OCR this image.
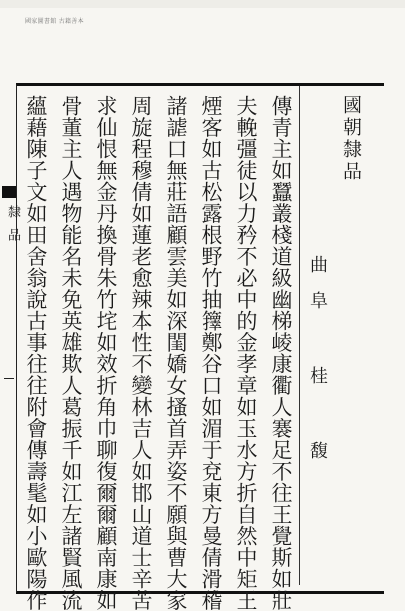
國家圖書館 古籍善本
國朝隸品
曲阜 桂 馥
傳青主如蠶叢棧道級幽梯崚康衢人褰足不往王覺斯如壯
夫輓彊徒以力矜不必中的金孝章如玉水方折自然中矩王
煙客如古松露根野竹抽籜鄭谷口如湄于兗東方曼倩滑稽
諸謔口無莊語顧雲美如深閨嬌女搔首弄姿不願與曹大家
周旋程穆倩如蓮老愈辣本性不變林吉人如邯山道士辛苦
求仙恨無金丹換骨朱竹垞如效折角巾聊復爾爾顧南康如
骨董主人遇物能名未免英雄欺人葛振千如江左諸賢風流
蘊藉陳子文如田舍翁說古事往往附會傳壽髦如小歐陽作
隸品
